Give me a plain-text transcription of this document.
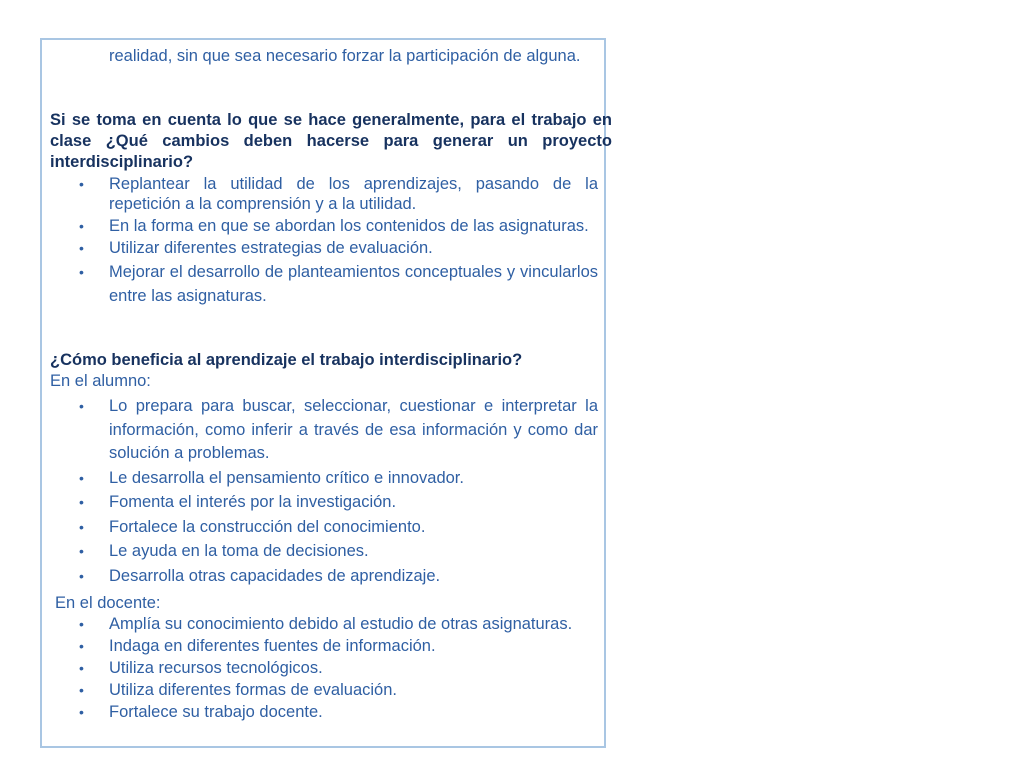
realidad, sin que sea necesario forzar la participación de alguna.

Si se toma en cuenta lo que se hace generalmente, para el trabajo en clase ¿Qué cambios deben hacerse para generar un proyecto interdisciplinario?

• Replantear la utilidad de los aprendizajes, pasando de la repetición a la comprensión y a la utilidad.
• En la forma en que se abordan los contenidos de las asignaturas.
• Utilizar diferentes estrategias de evaluación.
• Mejorar el desarrollo de planteamientos conceptuales y vincularlos entre las asignaturas.

¿Cómo beneficia al aprendizaje el trabajo interdisciplinario?

En el alumno:

• Lo prepara para buscar, seleccionar, cuestionar e interpretar la información, como inferir a través de esa información y como dar solución a problemas.
• Le desarrolla el pensamiento crítico e innovador.
• Fomenta el interés por la investigación.
• Fortalece la construcción del conocimiento.
• Le ayuda en la toma de decisiones.
• Desarrolla otras capacidades de aprendizaje.

En el docente:

• Amplía su conocimiento debido al estudio de otras asignaturas.
• Indaga en diferentes fuentes de información.
• Utiliza recursos tecnológicos.
• Utiliza diferentes formas de evaluación.
• Fortalece su trabajo docente.
